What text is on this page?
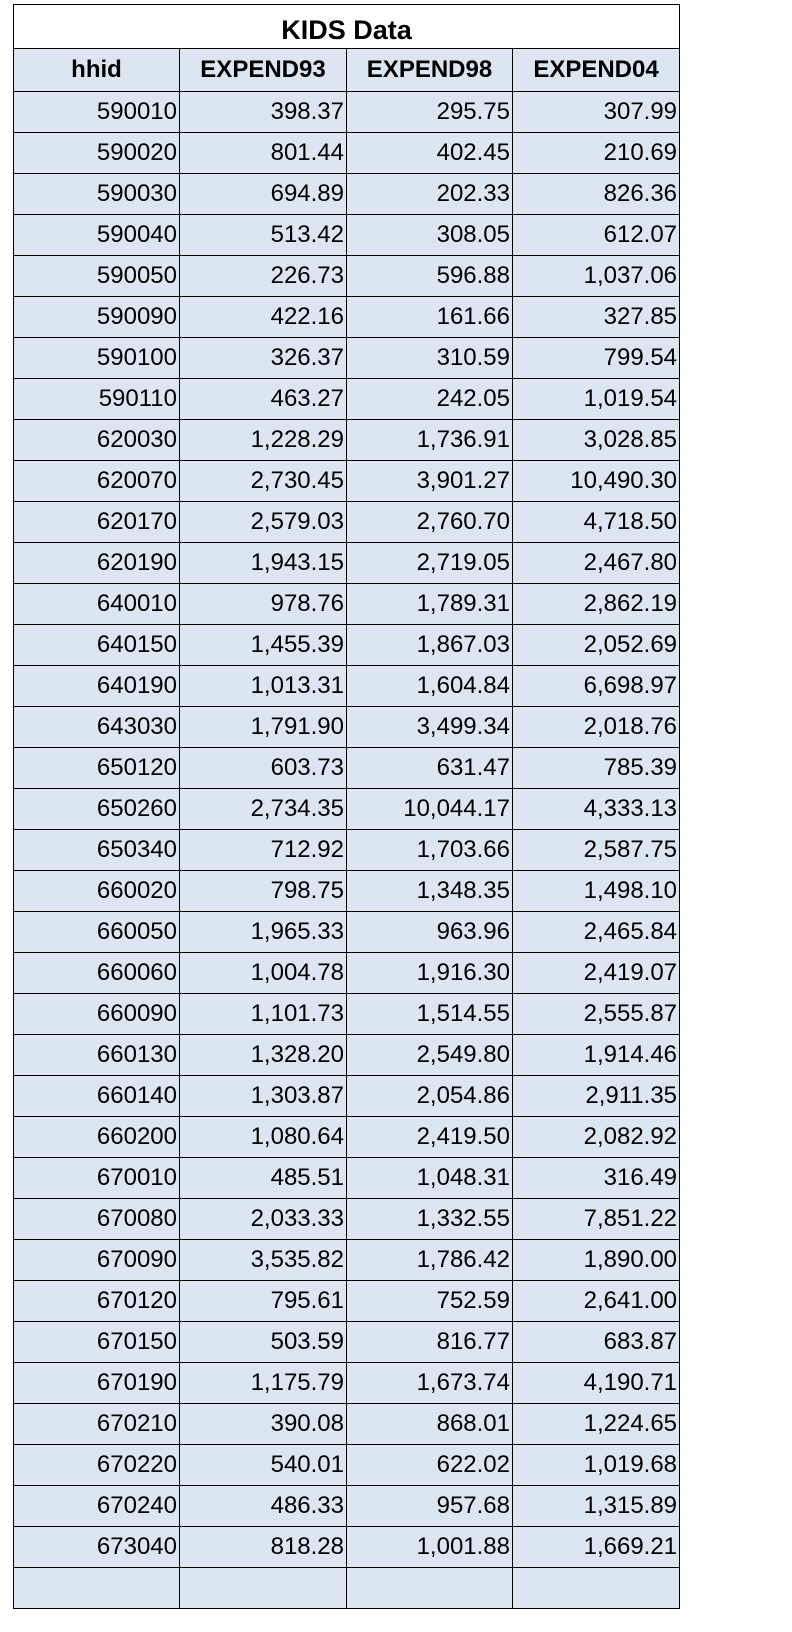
KIDS Data			
hhid	EXPEND93	EXPEND98	EXPEND04
590010	398.37	295.75	307.99
590020	801.44	402.45	210.69
590030	694.89	202.33	826.36
590040	513.42	308.05	612.07
590050	226.73	596.88	1,037.06
590090	422.16	161.66	327.85
590100	326.37	310.59	799.54
590110	463.27	242.05	1,019.54
620030	1,228.29	1,736.91	3,028.85
620070	2,730.45	3,901.27	10,490.30
620170	2,579.03	2,760.70	4,718.50
620190	1,943.15	2,719.05	2,467.80
640010	978.76	1,789.31	2,862.19
640150	1,455.39	1,867.03	2,052.69
640190	1,013.31	1,604.84	6,698.97
643030	1,791.90	3,499.34	2,018.76
650120	603.73	631.47	785.39
650260	2,734.35	10,044.17	4,333.13
650340	712.92	1,703.66	2,587.75
660020	798.75	1,348.35	1,498.10
660050	1,965.33	963.96	2,465.84
660060	1,004.78	1,916.30	2,419.07
660090	1,101.73	1,514.55	2,555.87
660130	1,328.20	2,549.80	1,914.46
660140	1,303.87	2,054.86	2,911.35
660200	1,080.64	2,419.50	2,082.92
670010	485.51	1,048.31	316.49
670080	2,033.33	1,332.55	7,851.22
670090	3,535.82	1,786.42	1,890.00
670120	795.61	752.59	2,641.00
670150	503.59	816.77	683.87
670190	1,175.79	1,673.74	4,190.71
670210	390.08	868.01	1,224.65
670220	540.01	622.02	1,019.68
670240	486.33	957.68	1,315.89
673040	818.28	1,001.88	1,669.21
